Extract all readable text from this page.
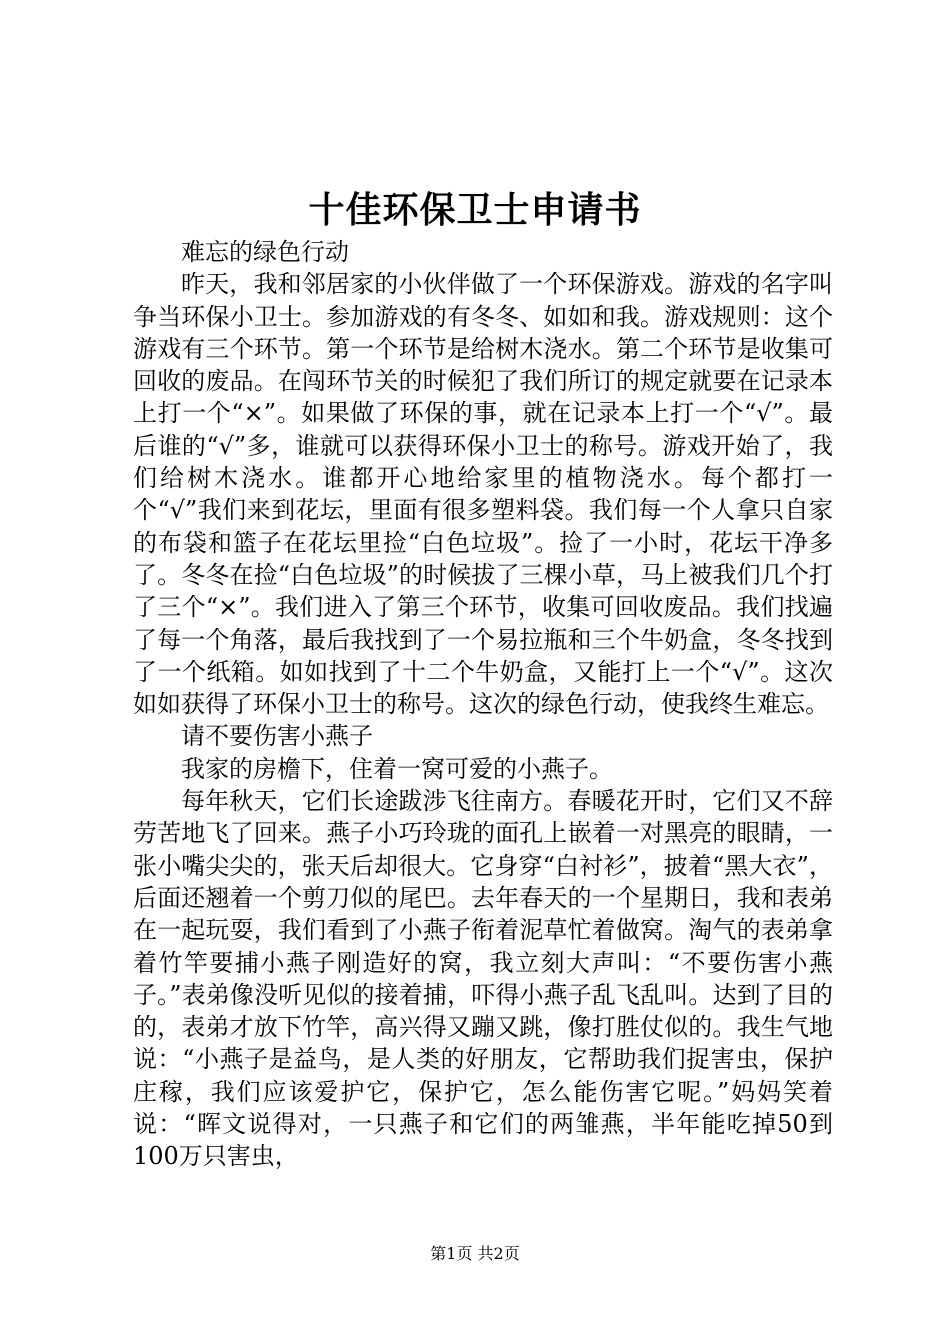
十佳环保卫士申请书

难忘的绿色行动

昨天，我和邻居家的小伙伴做了一个环保游戏。游戏的名字叫争当环保小卫士。参加游戏的有冬冬、如如和我。游戏规则：这个游戏有三个环节。第一个环节是给树木浇水。第二个环节是收集可回收的废品。在闯环节关的时候犯了我们所订的规定就要在记录本上打一个“×”。如果做了环保的事，就在记录本上打一个“√”。最后谁的“√”多，谁就可以获得环保小卫士的称号。游戏开始了，我们给树木浇水。谁都开心地给家里的植物浇水。每个都打一个“√”我们来到花坛，里面有很多塑料袋。我们每一个人拿只自家的布袋和篮子在花坛里捡“白色垃圾”。捡了一小时，花坛干净多了。冬冬在捡“白色垃圾”的时候拔了三棵小草，马上被我们几个打了三个“×”。我们进入了第三个环节，收集可回收废品。我们找遍了每一个角落，最后我找到了一个易拉瓶和三个牛奶盒，冬冬找到了一个纸箱。如如找到了十二个牛奶盒，又能打上一个“√”。这次如如获得了环保小卫士的称号。这次的绿色行动，使我终生难忘。

请不要伤害小燕子

我家的房檐下，住着一窝可爱的小燕子。

每年秋天，它们长途跋涉飞往南方。春暖花开时，它们又不辞劳苦地飞了回来。燕子小巧玲珑的面孔上嵌着一对黑亮的眼睛，一张小嘴尖尖的，张天后却很大。它身穿“白衬衫”，披着“黑大衣”，后面还翘着一个剪刀似的尾巴。去年春天的一个星期日，我和表弟在一起玩耍，我们看到了小燕子衔着泥草忙着做窝。淘气的表弟拿着竹竿要捕小燕子刚造好的窝，我立刻大声叫：“不要伤害小燕子。”表弟像没听见似的接着捕，吓得小燕子乱飞乱叫。达到了目的的，表弟才放下竹竿，高兴得又蹦又跳，像打胜仗似的。我生气地说：“小燕子是益鸟，是人类的好朋友，它帮助我们捉害虫，保护庄稼，我们应该爱护它，保护它，怎么能伤害它呢。”妈妈笑着说：“晖文说得对，一只燕子和它们的两雏燕，半年能吃掉50到100万只害虫，

第1页 共2页
